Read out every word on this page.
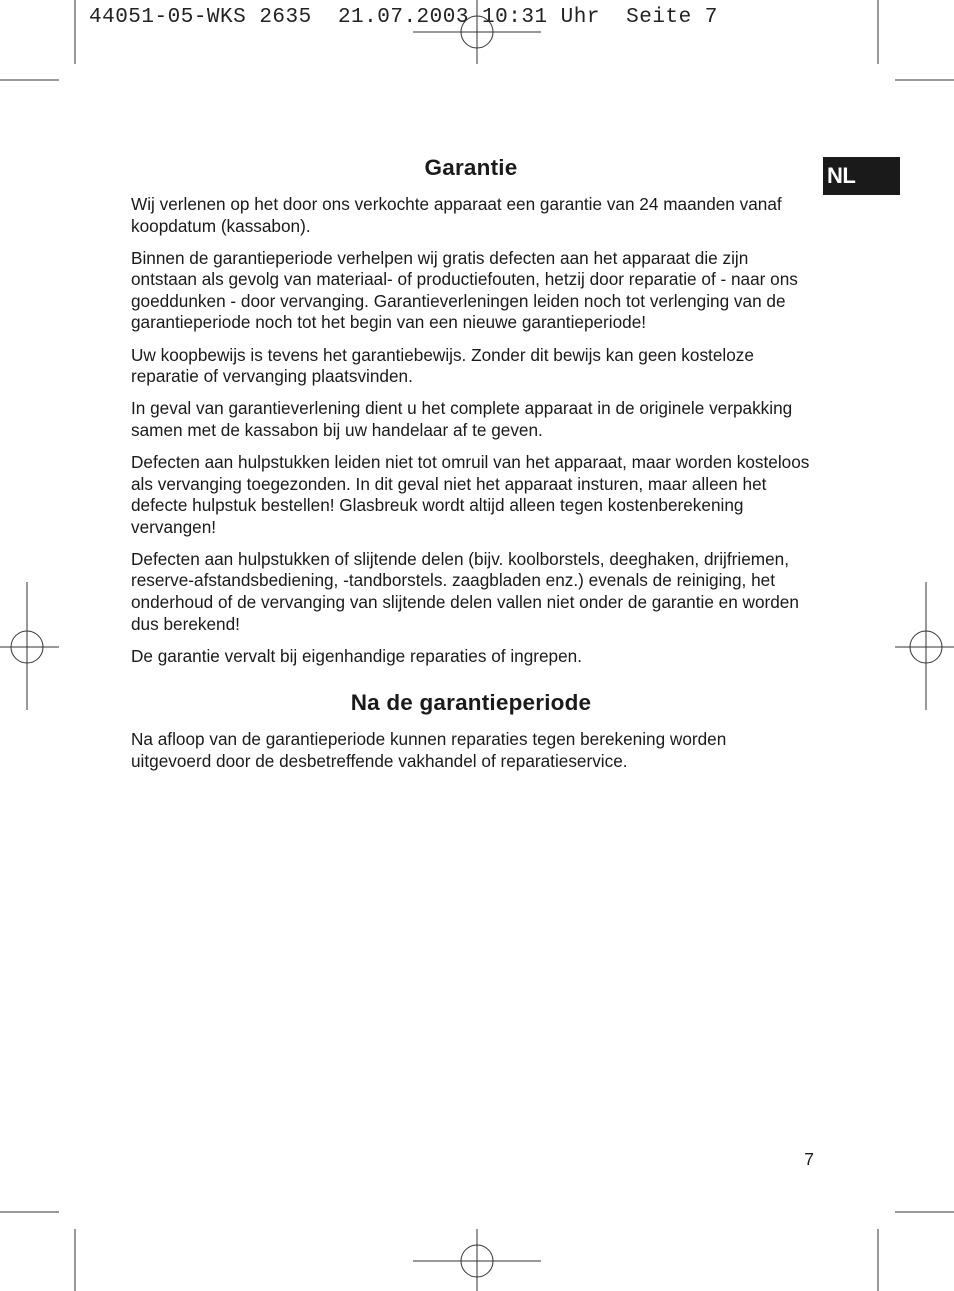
44051-05-WKS 2635  21.07.2003 10:31 Uhr  Seite 7
NL
Garantie

Wij verlenen op het door ons verkochte apparaat een garantie van 24 maanden vanaf koopdatum (kassabon).

Binnen de garantieperiode verhelpen wij gratis defecten aan het apparaat die zijn ontstaan als gevolg van materiaal- of productiefouten, hetzij door reparatie of - naar ons goeddunken - door vervanging. Garantieverleningen leiden noch tot verlenging van de garantieperiode noch tot het begin van een nieuwe garantieperiode!

Uw koopbewijs is tevens het garantiebewijs. Zonder dit bewijs kan geen kosteloze reparatie of vervanging plaatsvinden.

In geval van garantieverlening dient u het complete apparaat in de originele verpakking samen met de kassabon bij uw handelaar af te geven.

Defecten aan hulpstukken leiden niet tot omruil van het apparaat, maar worden kosteloos als vervanging toegezonden. In dit geval niet het apparaat insturen, maar alleen het defecte hulpstuk bestellen! Glasbreuk wordt altijd alleen tegen kostenberekening vervangen!

Defecten aan hulpstukken of slijtende delen (bijv. koolborstels, deeghaken, drijfriemen, reserve-afstandsbediening, -tandborstels. zaagbladen enz.) evenals de reiniging, het onderhoud of de vervanging van slijtende delen vallen niet onder de garantie en worden dus berekend!

De garantie vervalt bij eigenhandige reparaties of ingrepen.

Na de garantieperiode

Na afloop van de garantieperiode kunnen reparaties tegen berekening worden uitgevoerd door de desbetreffende vakhandel of reparatieservice.

7
